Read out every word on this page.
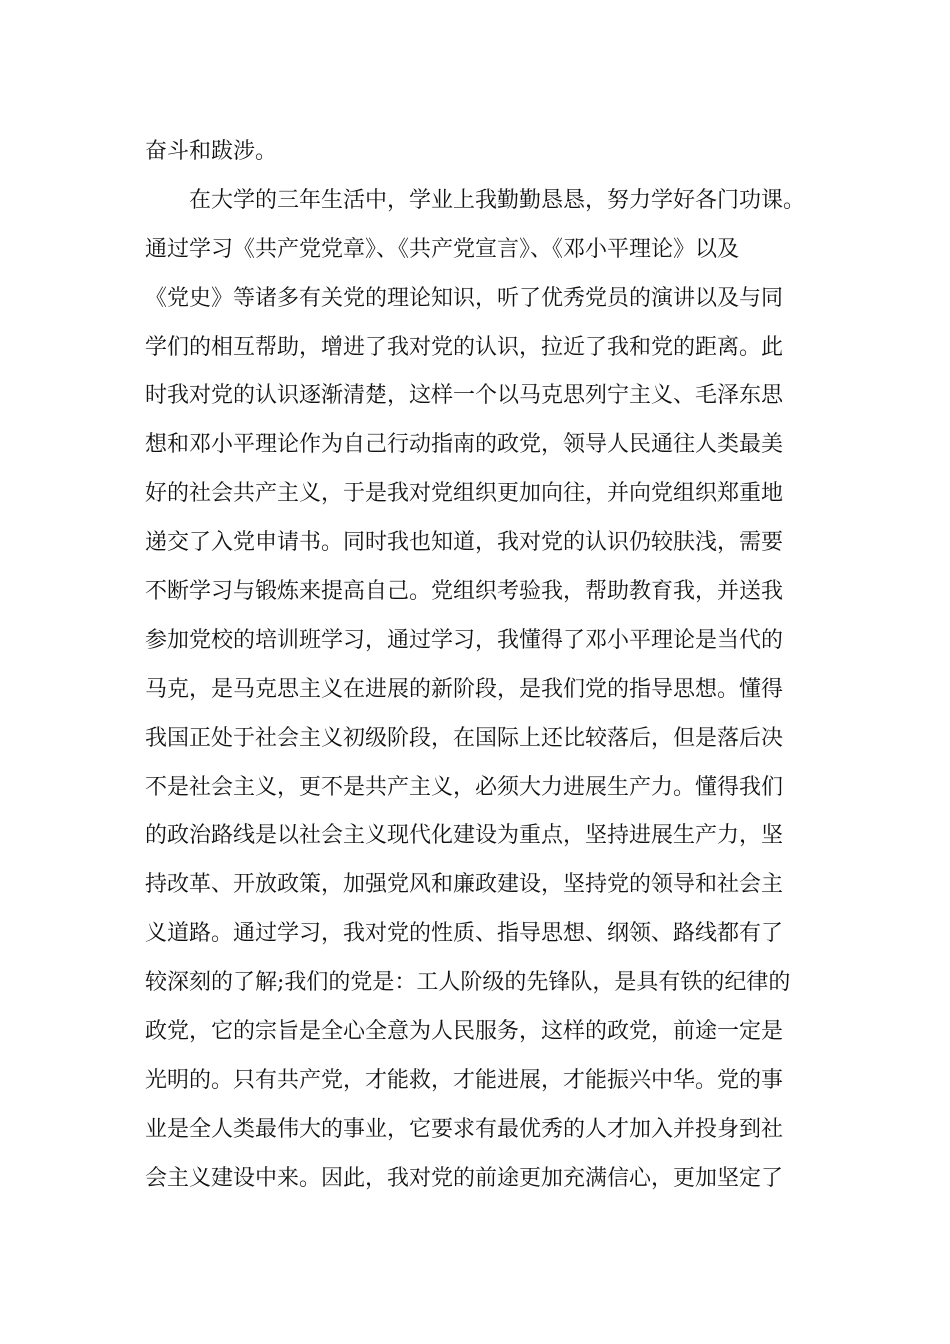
奋斗和跋涉。
在大学的三年生活中，学业上我勤勤恳恳，努力学好各门功课。
通过学习《共产党党章》、《共产党宣言》、《邓小平理论》以及
《党史》等诸多有关党的理论知识，听了优秀党员的演讲以及与同
学们的相互帮助，增进了我对党的认识，拉近了我和党的距离。此
时我对党的认识逐渐清楚，这样一个以马克思列宁主义、毛泽东思
想和邓小平理论作为自己行动指南的政党，领导人民通往人类最美
好的社会共产主义，于是我对党组织更加向往，并向党组织郑重地
递交了入党申请书。同时我也知道，我对党的认识仍较肤浅，需要
不断学习与锻炼来提高自己。党组织考验我，帮助教育我，并送我
参加党校的培训班学习，通过学习，我懂得了邓小平理论是当代的
马克，是马克思主义在进展的新阶段，是我们党的指导思想。懂得
我国正处于社会主义初级阶段，在国际上还比较落后，但是落后决
不是社会主义，更不是共产主义，必须大力进展生产力。懂得我们
的政治路线是以社会主义现代化建设为重点，坚持进展生产力，坚
持改革、开放政策，加强党风和廉政建设，坚持党的领导和社会主
义道路。通过学习，我对党的性质、指导思想、纲领、路线都有了
较深刻的了解;我们的党是：工人阶级的先锋队，是具有铁的纪律的
政党，它的宗旨是全心全意为人民服务，这样的政党，前途一定是
光明的。只有共产党，才能救，才能进展，才能振兴中华。党的事
业是全人类最伟大的事业，它要求有最优秀的人才加入并投身到社
会主义建设中来。因此，我对党的前途更加充满信心，更加坚定了
